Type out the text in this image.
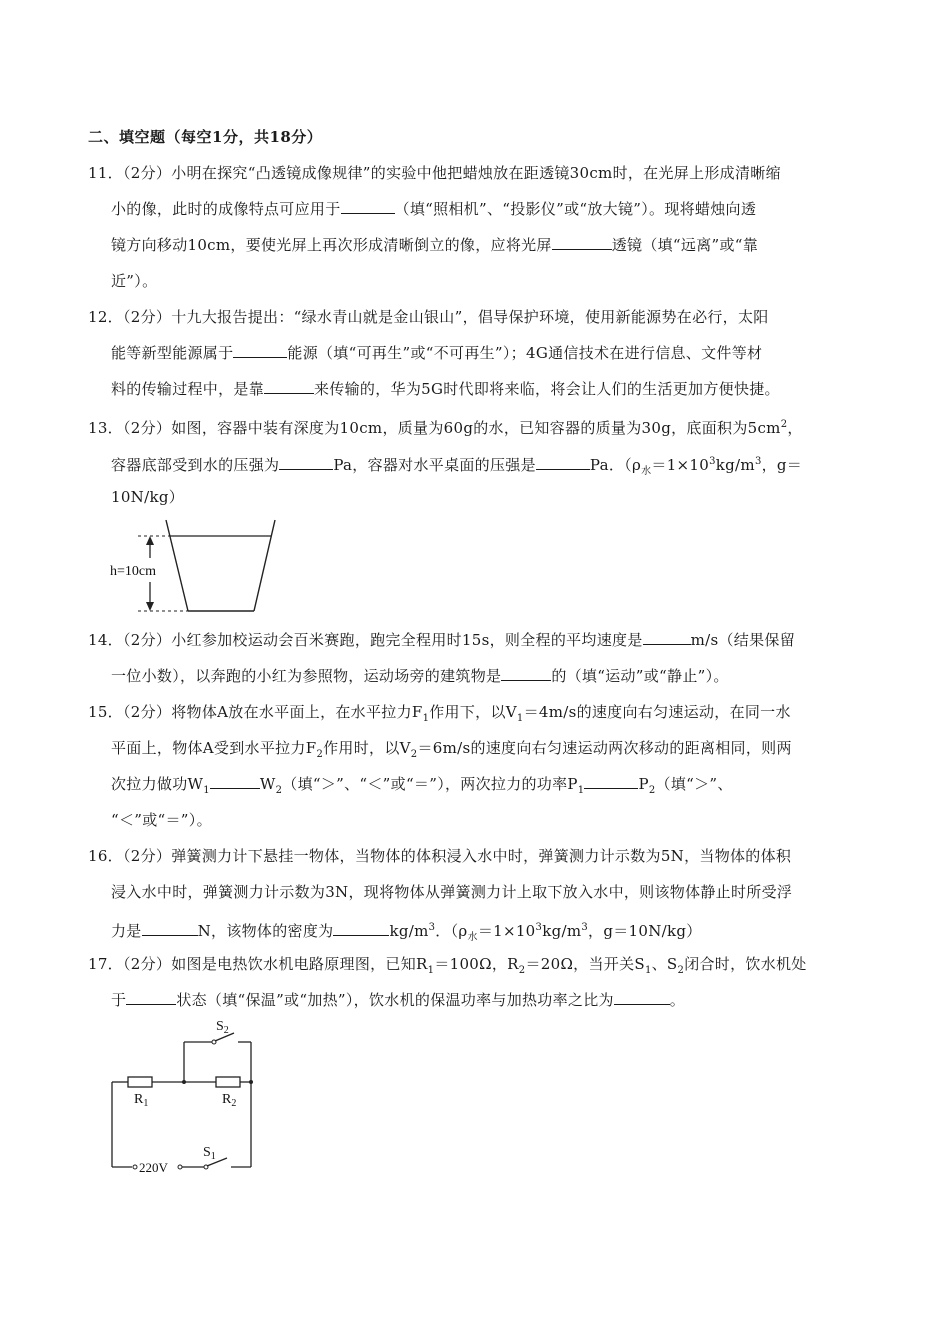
二、填空题（每空1分，共18分）
11．（2分）小明在探究“凸透镜成像规律”的实验中他把蜡烛放在距透镜30cm时，在光屏上形成清晰缩
小的像，此时的成像特点可应用于	（填“照相机”、“投影仪”或“放大镜”）。现将蜡烛向透
镜方向移动10cm，要使光屏上再次形成清晰倒立的像，应将光屏	透镜（填“远离”或“靠
近”）。
12．（2分）十九大报告提出：“绿水青山就是金山银山”，倡导保护环境，使用新能源势在必行，太阳
能等新型能源属于	能源（填“可再生”或“不可再生”）；4G通信技术在进行信息、文件等材
料的传输过程中，是靠	来传输的，华为5G时代即将来临，将会让人们的生活更加方便快捷。
13．（2分）如图，容器中装有深度为10cm，质量为60g的水，已知容器的质量为30g，底面积为$5cm^2$，
容器底部受到水的压强为	Pa，容器对水平桌面的压强是	Pa．（$\rho_水=1\times 10^3kg/m^3$，g＝
10N/kg）
h=10cm
14．（2分）小红参加校运动会百米赛跑，跑完全程用时15s，则全程的平均速度是	m/s（结果保留
一位小数），以奔跑的小红为参照物，运动场旁的建筑物是	的（填“运动”或“静止”）。
15．（2分）将物体A放在水平面上，在水平拉力$F_1$作用下，以$V_1=4m/s$的速度向右匀速运动，在同一水
平面上，物体A受到水平拉力$F_2$作用时，以$V_2=6m/s$的速度向右匀速运动两次移动的距离相同，则两
次拉力做功$W_1$	$W_2$（填“＞”、“＜”或“＝”），两次拉力的功率$P_1$	$P_2$（填“＞”、
“＜”或“＝”）。
16．（2分）弹簧测力计下悬挂一物体，当物体的体积浸入水中时，弹簧测力计示数为5N，当物体的体积
浸入水中时，弹簧测力计示数为3N，现将物体从弹簧测力计上取下放入水中，则该物体静止时所受浮
力是	N，该物体的密度为	$kg/m^3$．（$\rho_水=1\times 10^3kg/m^3$，g＝10N/kg）
17．（2分）如图是电热饮水机电路原理图，已知$R_1=100\Omega$，$R_2=20\Omega$，当开关$S_1$、$S_2$闭合时，饮水机处
于	状态（填“保温”或“加热”），饮水机的保温功率与加热功率之比为	。
$S_2$
$R_1$	$R_2$
$S_1$
220V
